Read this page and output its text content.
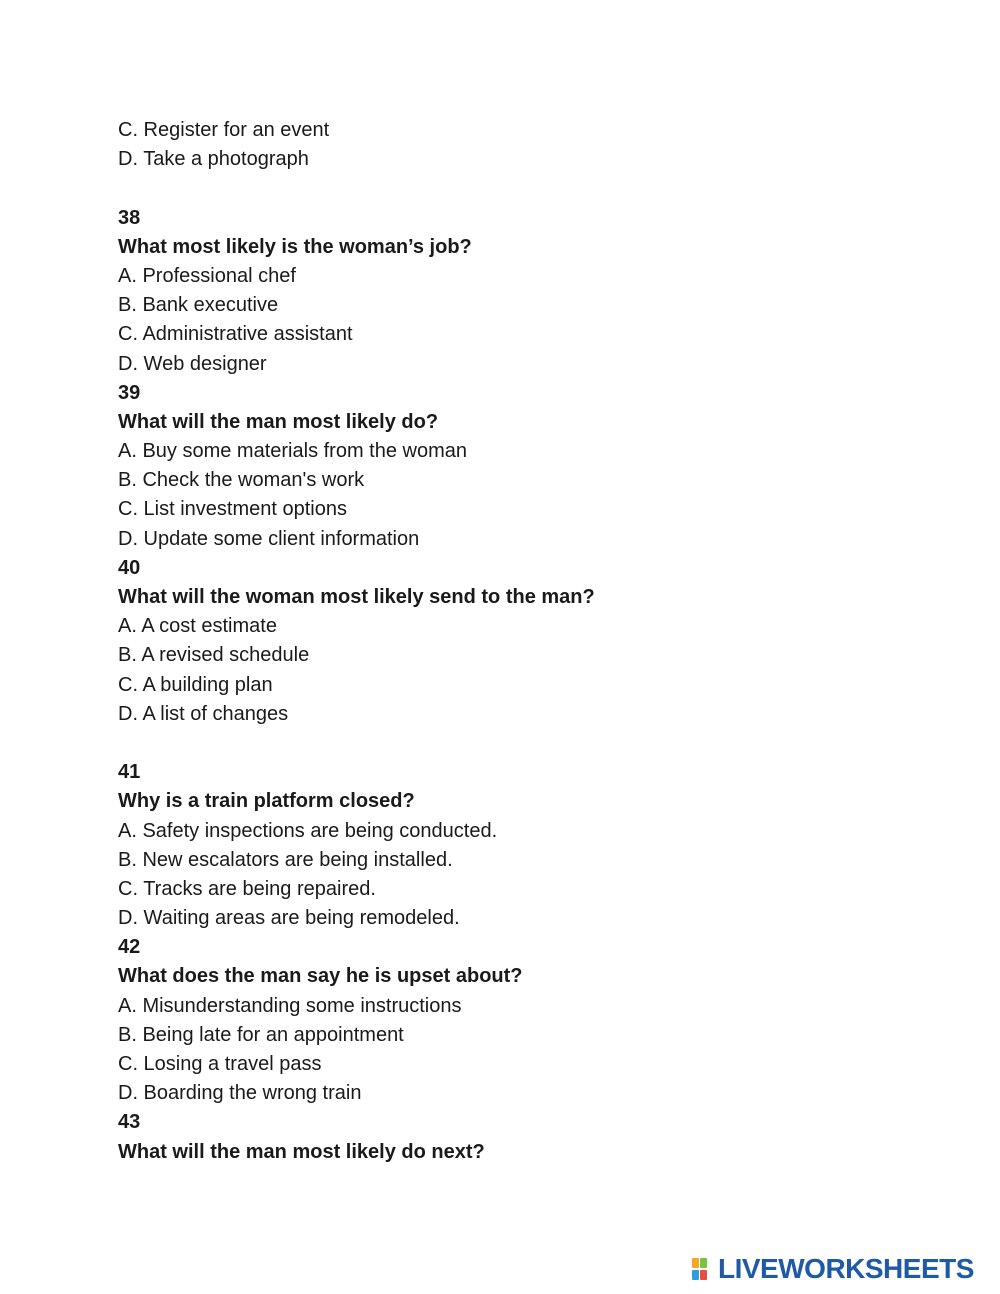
C. Register for an event
D. Take a photograph
38
What most likely is the woman’s job?
A. Professional chef
B. Bank executive
C. Administrative assistant
D. Web designer
39
What will the man most likely do?
A. Buy some materials from the woman
B. Check the woman's work
C. List investment options
D. Update some client information
40
What will the woman most likely send to the man?
A. A cost estimate
B. A revised schedule
C. A building plan
D. A list of changes
41
Why is a train platform closed?
A. Safety inspections are being conducted.
B. New escalators are being installed.
C. Tracks are being repaired.
D. Waiting areas are being remodeled.
42
What does the man say he is upset about?
A. Misunderstanding some instructions
B. Being late for an appointment
C. Losing a travel pass
D. Boarding the wrong train
43
What will the man most likely do next?
LIVEWORKSHEETS
